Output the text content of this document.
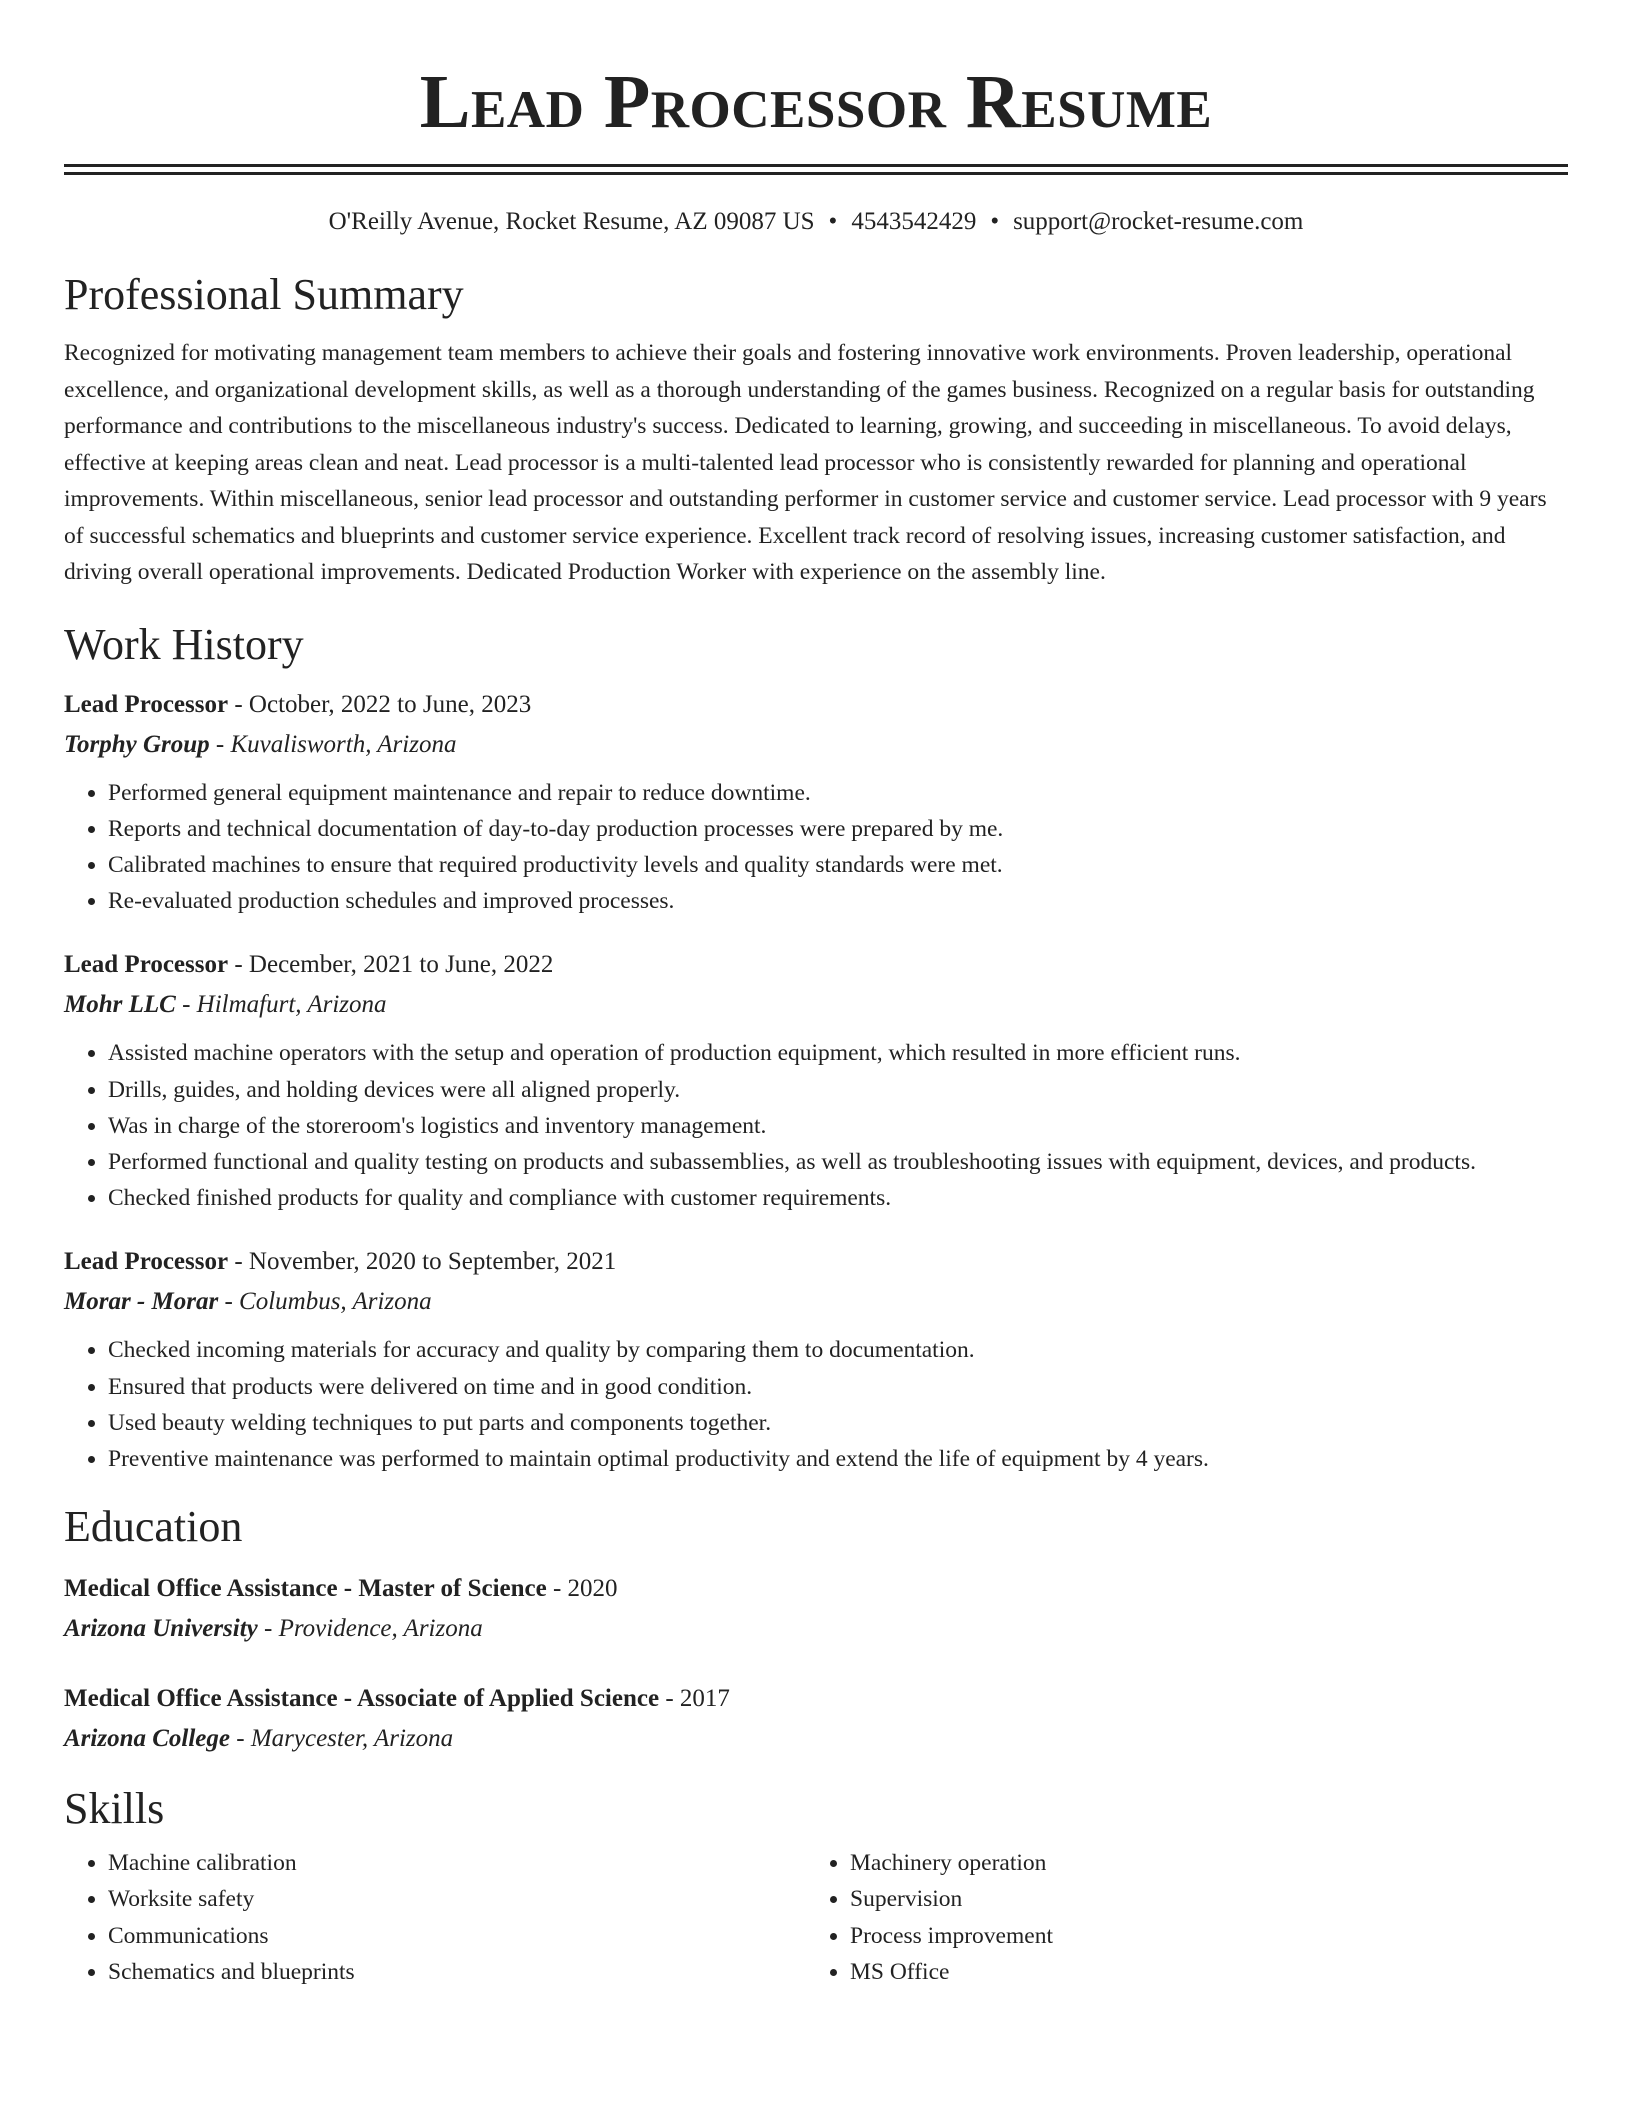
Lead Processor Resume
O'Reilly Avenue, Rocket Resume, AZ 09087 US • 4543542429 • support@rocket-resume.com
Professional Summary

Recognized for motivating management team members to achieve their goals and fostering innovative work environments. Proven leadership, operational excellence, and organizational development skills, as well as a thorough understanding of the games business. Recognized on a regular basis for outstanding performance and contributions to the miscellaneous industry's success. Dedicated to learning, growing, and succeeding in miscellaneous. To avoid delays, effective at keeping areas clean and neat. Lead processor is a multi-talented lead processor who is consistently rewarded for planning and operational improvements. Within miscellaneous, senior lead processor and outstanding performer in customer service and customer service. Lead processor with 9 years of successful schematics and blueprints and customer service experience. Excellent track record of resolving issues, increasing customer satisfaction, and driving overall operational improvements. Dedicated Production Worker with experience on the assembly line.

Work History
Lead Processor - October, 2022 to June, 2023
Torphy Group - Kuvalisworth, Arizona
• Performed general equipment maintenance and repair to reduce downtime.
• Reports and technical documentation of day-to-day production processes were prepared by me.
• Calibrated machines to ensure that required productivity levels and quality standards were met.
• Re-evaluated production schedules and improved processes.
Lead Processor - December, 2021 to June, 2022
Mohr LLC - Hilmafurt, Arizona
• Assisted machine operators with the setup and operation of production equipment, which resulted in more efficient runs.
• Drills, guides, and holding devices were all aligned properly.
• Was in charge of the storeroom's logistics and inventory management.
• Performed functional and quality testing on products and subassemblies, as well as troubleshooting issues with equipment, devices, and products.
• Checked finished products for quality and compliance with customer requirements.
Lead Processor - November, 2020 to September, 2021
Morar - Morar - Columbus, Arizona
• Checked incoming materials for accuracy and quality by comparing them to documentation.
• Ensured that products were delivered on time and in good condition.
• Used beauty welding techniques to put parts and components together.
• Preventive maintenance was performed to maintain optimal productivity and extend the life of equipment by 4 years.
Education
Medical Office Assistance - Master of Science - 2020
Arizona University - Providence, Arizona
Medical Office Assistance - Associate of Applied Science - 2017
Arizona College - Marycester, Arizona
Skills
• Machine calibration
• Worksite safety
• Communications
• Schematics and blueprints
• Machinery operation
• Supervision
• Process improvement
• MS Office
